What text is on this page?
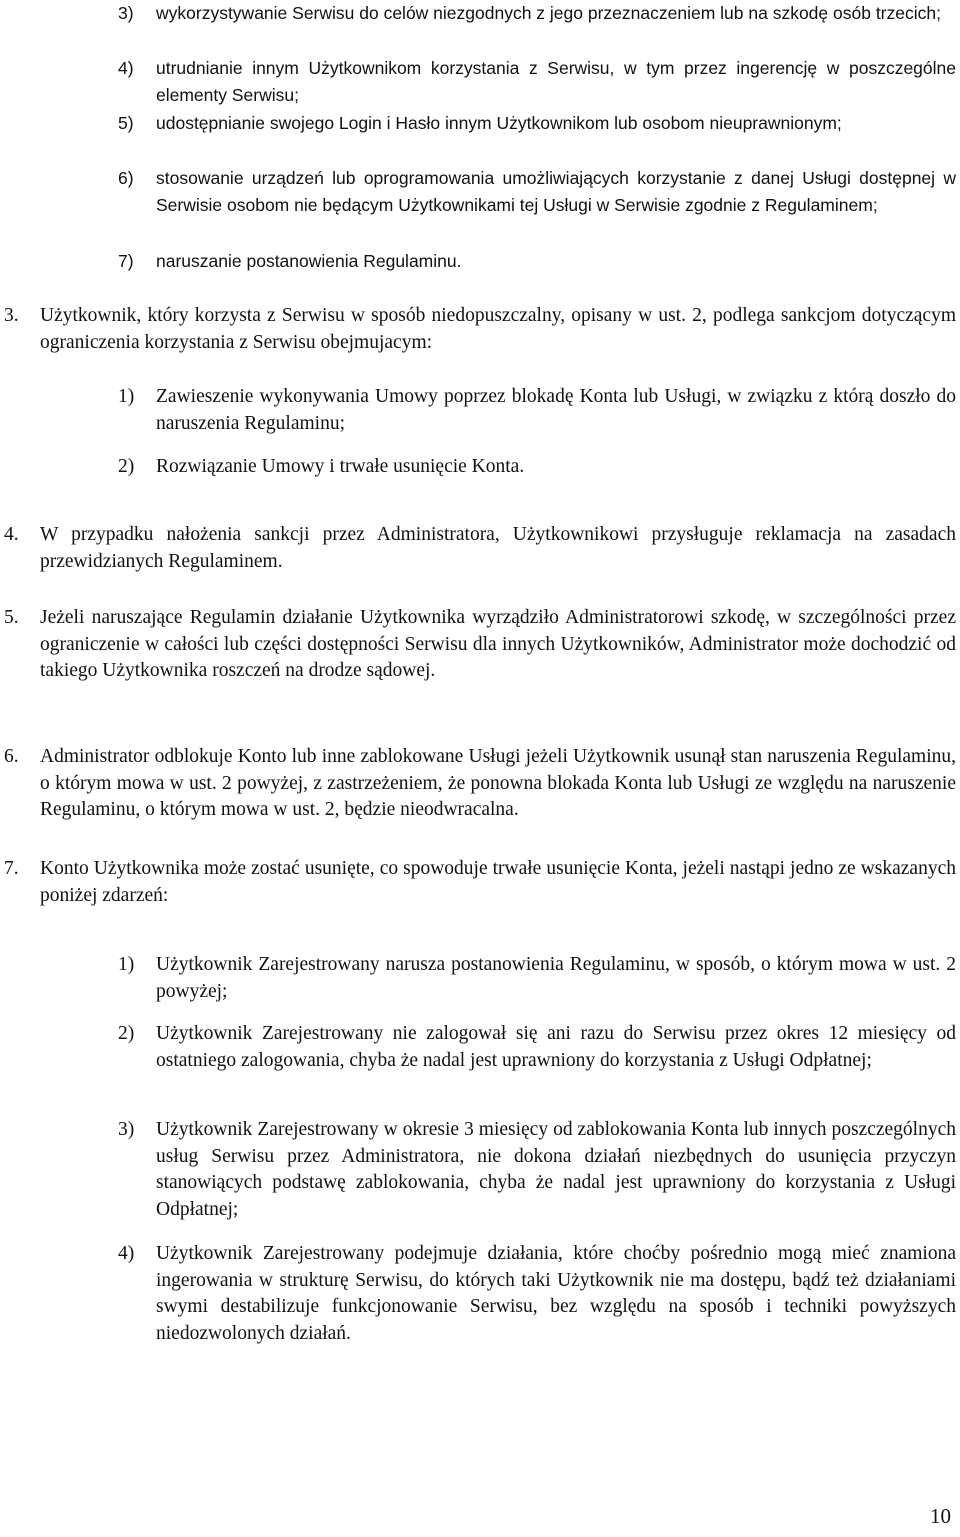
3) wykorzystywanie Serwisu do celów niezgodnych z jego przeznaczeniem lub na szkodę osób trzecich;
4) utrudnianie innym Użytkownikom korzystania z Serwisu, w tym przez ingerencję w poszczególne elementy Serwisu;
5) udostępnianie swojego Login i Hasło innym Użytkownikom lub osobom nieuprawnionym;
6) stosowanie urządzeń lub oprogramowania umożliwiających korzystanie z danej Usługi dostępnej w Serwisie osobom nie będącym Użytkownikami tej Usługi w Serwisie zgodnie z Regulaminem;
7) naruszanie postanowienia Regulaminu.
3. Użytkownik, który korzysta z Serwisu w sposób niedopuszczalny, opisany w ust. 2, podlega sankcjom dotyczącym ograniczenia korzystania z Serwisu obejmujacym:
1) Zawieszenie wykonywania Umowy poprzez blokadę Konta lub Usługi, w związku z którą doszło do naruszenia Regulaminu;
2) Rozwiązanie Umowy i trwałe usunięcie Konta.
4. W przypadku nałożenia sankcji przez Administratora, Użytkownikowi przysługuje reklamacja na zasadach przewidzianych Regulaminem.
5. Jeżeli naruszające Regulamin działanie Użytkownika wyrządziło Administratorowi szkodę, w szczególności przez ograniczenie w całości lub części dostępności Serwisu dla innych Użytkowników, Administrator może dochodzić od takiego Użytkownika roszczeń na drodze sądowej.
6. Administrator odblokuje Konto lub inne zablokowane Usługi jeżeli Użytkownik usunął stan naruszenia Regulaminu, o którym mowa w ust. 2 powyżej, z zastrzeżeniem, że ponowna blokada Konta lub Usługi ze względu na naruszenie Regulaminu, o którym mowa w ust. 2, będzie nieodwracalna.
7. Konto Użytkownika może zostać usunięte, co spowoduje trwałe usunięcie Konta, jeżeli nastąpi jedno ze wskazanych poniżej zdarzeń:
1) Użytkownik Zarejestrowany narusza postanowienia Regulaminu, w sposób, o którym mowa w ust. 2 powyżej;
2) Użytkownik Zarejestrowany nie zalogował się ani razu do Serwisu przez okres 12 miesięcy od ostatniego zalogowania, chyba że nadal jest uprawniony do korzystania z Usługi Odpłatnej;
3) Użytkownik Zarejestrowany w okresie 3 miesięcy od zablokowania Konta lub innych poszczególnych usług Serwisu przez Administratora, nie dokona działań niezbędnych do usunięcia przyczyn stanowiących podstawę zablokowania, chyba że nadal jest uprawniony do korzystania z Usługi Odpłatnej;
4) Użytkownik Zarejestrowany podejmuje działania, które choćby pośrednio mogą mieć znamiona ingerowania w strukturę Serwisu, do których taki Użytkownik nie ma dostępu, bądź też działaniami swymi destabilizuje funkcjonowanie Serwisu, bez względu na sposób i techniki powyższych niedozwolonych działań.
10
